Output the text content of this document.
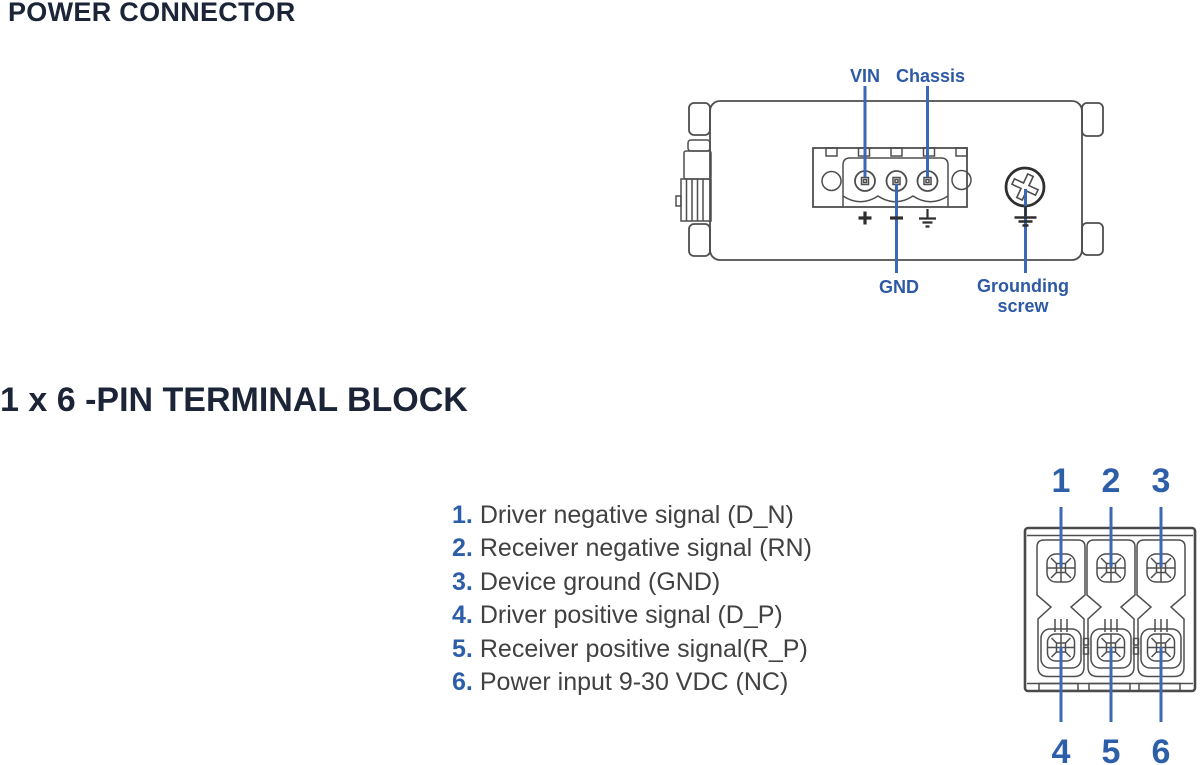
POWER CONNECTOR
VIN Chassis
GND	Grounding
screw
1 x 6 -PIN TERMINAL BLOCK
1. Driver negative signal (D_N)
2. Receiver negative signal (RN)
3. Device ground (GND)
4. Driver positive signal (D_P)
5. Receiver positive signal(R_P)
6. Power input 9-30 VDC (NC)
1 2 3
4 5 6
